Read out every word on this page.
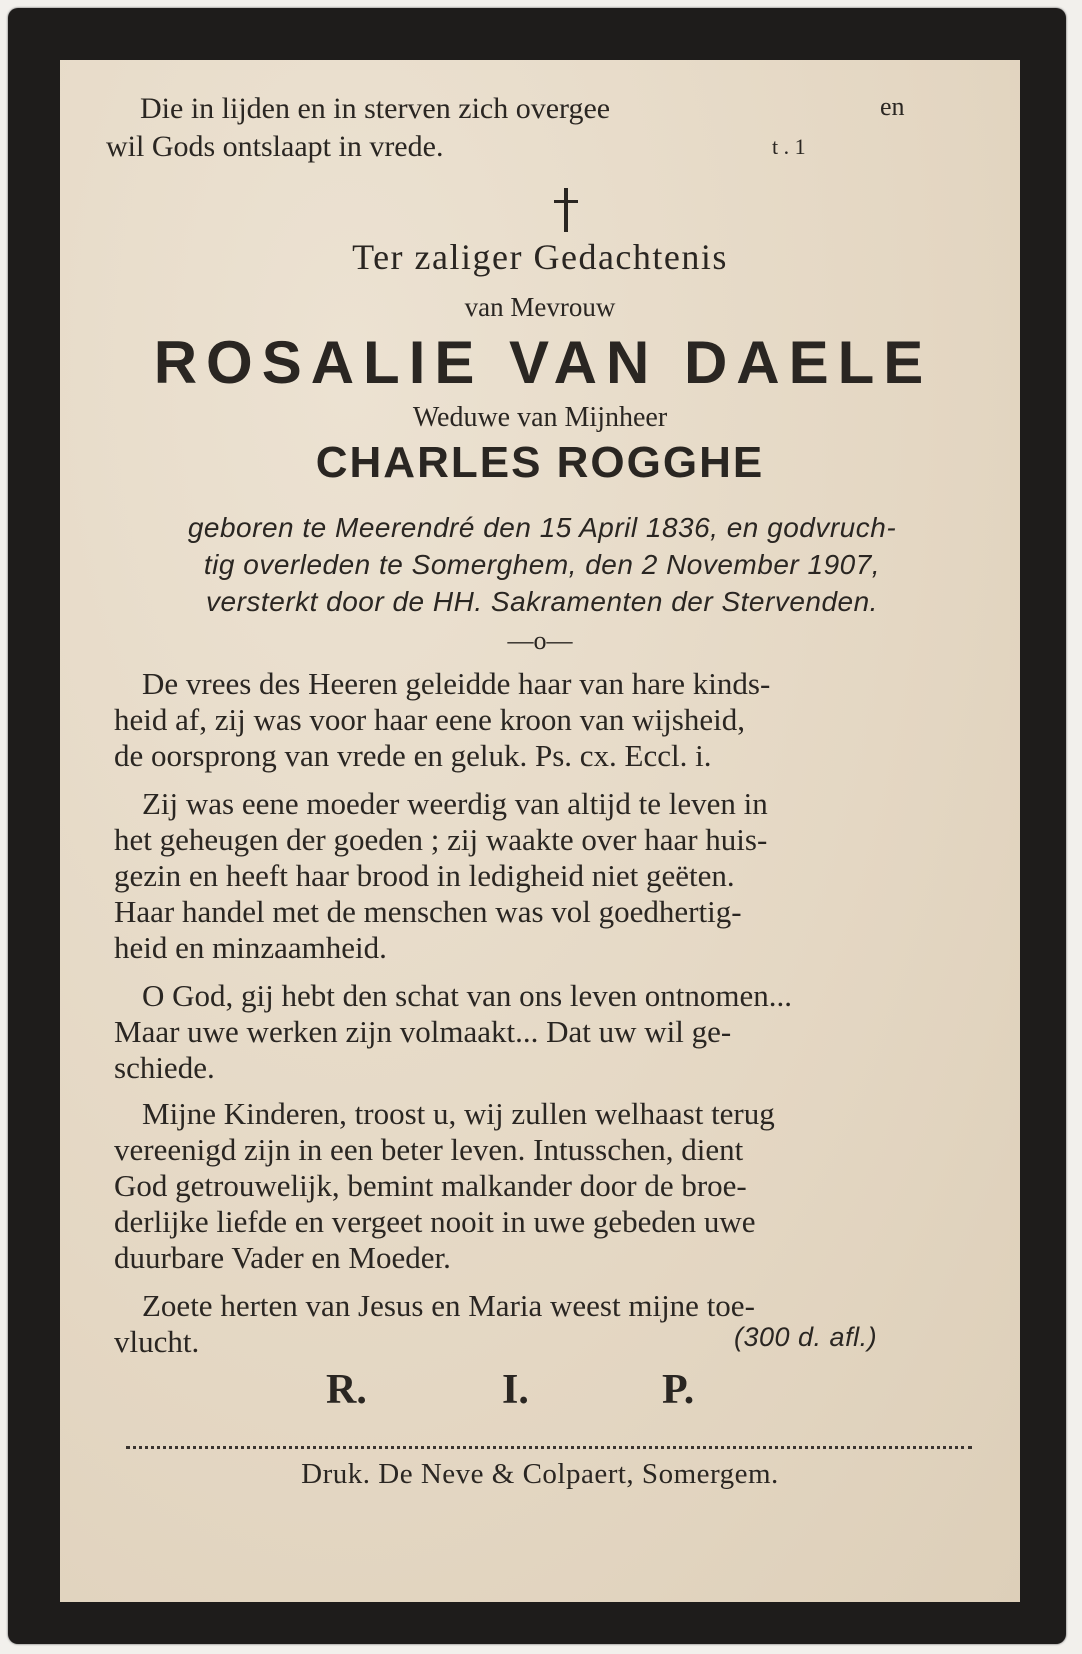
Die in lijden en in sterven zich overgee	en
wil Gods ontslaapt in vrede.	t . 1
Ter zaliger Gedachtenis
van Mevrouw
ROSALIE VAN DAELE
Weduwe van Mijnheer
CHARLES ROGGHE
geboren te Meerendré den 15 April 1836, en godvruch-
tig overleden te Somerghem, den 2 November 1907,
versterkt door de HH. Sakramenten der Stervenden.
—o—
De vrees des Heeren geleidde haar van hare kinds-
heid af, zij was voor haar eene kroon van wijsheid,
de oorsprong van vrede en geluk. Ps. cx. Eccl. i.
Zij was eene moeder weerdig van altijd te leven in
het geheugen der goeden ; zij waakte over haar huis-
gezin en heeft haar brood in ledigheid niet geëten.
Haar handel met de menschen was vol goedhertig-
heid en minzaamheid.
O God, gij hebt den schat van ons leven ontnomen...
Maar uwe werken zijn volmaakt... Dat uw wil ge-
schiede.
Mijne Kinderen, troost u, wij zullen welhaast terug
vereenigd zijn in een beter leven. Intusschen, dient
God getrouwelijk, bemint malkander door de broe-
derlijke liefde en vergeet nooit in uwe gebeden uwe
duurbare Vader en Moeder.
Zoete herten van Jesus en Maria weest mijne toe-
vlucht.	(300 d. afl.)
R.	I.	P.
Druk. De Neve & Colpaert, Somergem.
